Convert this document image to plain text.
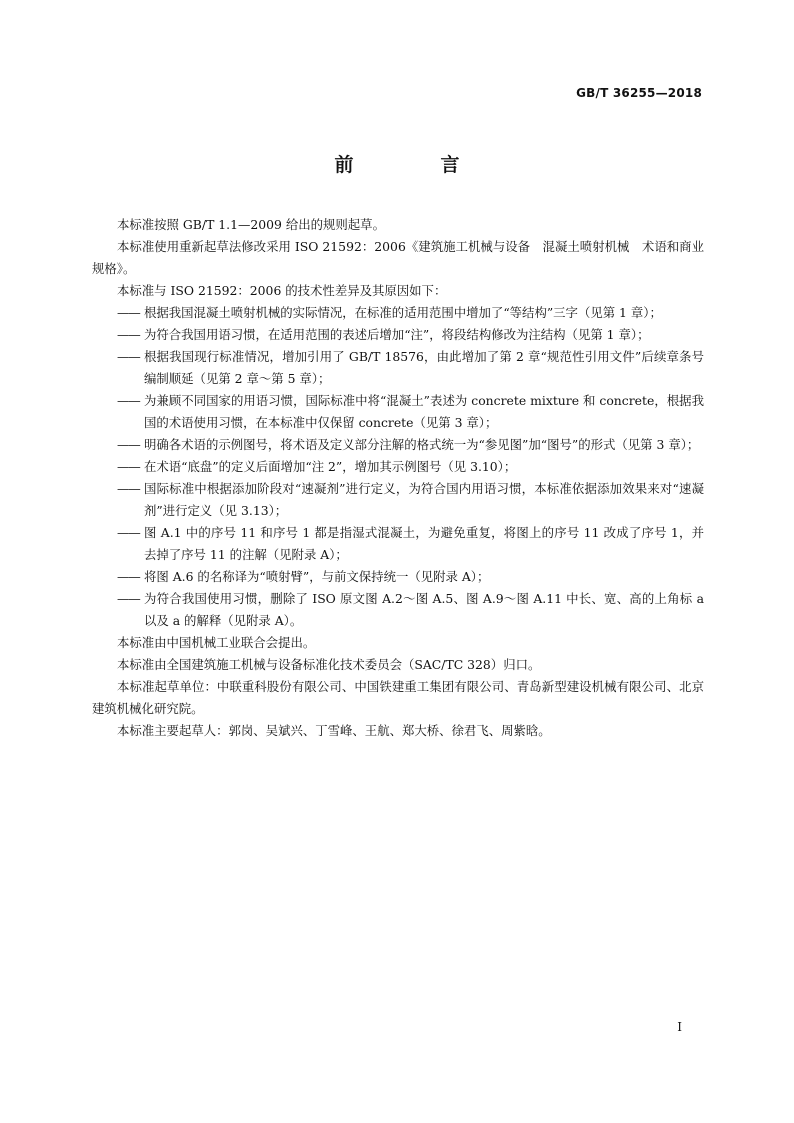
GB/T 36255—2018
前　言
本标准按照 GB/T 1.1—2009 给出的规则起草。
本标准使用重新起草法修改采用 ISO 21592：2006《建筑施工机械与设备　混凝土喷射机械　术语和商业规格》。
本标准与 ISO 21592：2006 的技术性差异及其原因如下：
—— 根据我国混凝土喷射机械的实际情况，在标准的适用范围中增加了“等结构”三字（见第 1 章）；
—— 为符合我国用语习惯，在适用范围的表述后增加“注”，将段结构修改为注结构（见第 1 章）；
—— 根据我国现行标准情况，增加引用了 GB/T 18576，由此增加了第 2 章“规范性引用文件”后续章条号编制顺延（见第 2 章～第 5 章）；
—— 为兼顾不同国家的用语习惯，国际标准中将“混凝土”表述为 concrete mixture 和 concrete，根据我国的术语使用习惯，在本标准中仅保留 concrete（见第 3 章）；
—— 明确各术语的示例图号，将术语及定义部分注解的格式统一为“参见图”加“图号”的形式（见第 3 章）；
—— 在术语“底盘”的定义后面增加“注 2”，增加其示例图号（见 3.10）；
—— 国际标准中根据添加阶段对“速凝剂”进行定义，为符合国内用语习惯，本标准依据添加效果来对“速凝剂”进行定义（见 3.13）；
—— 图 A.1 中的序号 11 和序号 1 都是指湿式混凝土，为避免重复，将图上的序号 11 改成了序号 1，并去掉了序号 11 的注解（见附录 A）；
—— 将图 A.6 的名称译为“喷射臂”，与前文保持统一（见附录 A）；
—— 为符合我国使用习惯，删除了 ISO 原文图 A.2～图 A.5、图 A.9～图 A.11 中长、宽、高的上角标 a 以及 a 的解释（见附录 A）。
本标准由中国机械工业联合会提出。
本标准由全国建筑施工机械与设备标准化技术委员会（SAC/TC 328）归口。
本标准起草单位：中联重科股份有限公司、中国铁建重工集团有限公司、青岛新型建设机械有限公司、北京建筑机械化研究院。
本标准主要起草人：郭岗、吴斌兴、丁雪峰、王航、郑大桥、徐君飞、周紫晗。
I
